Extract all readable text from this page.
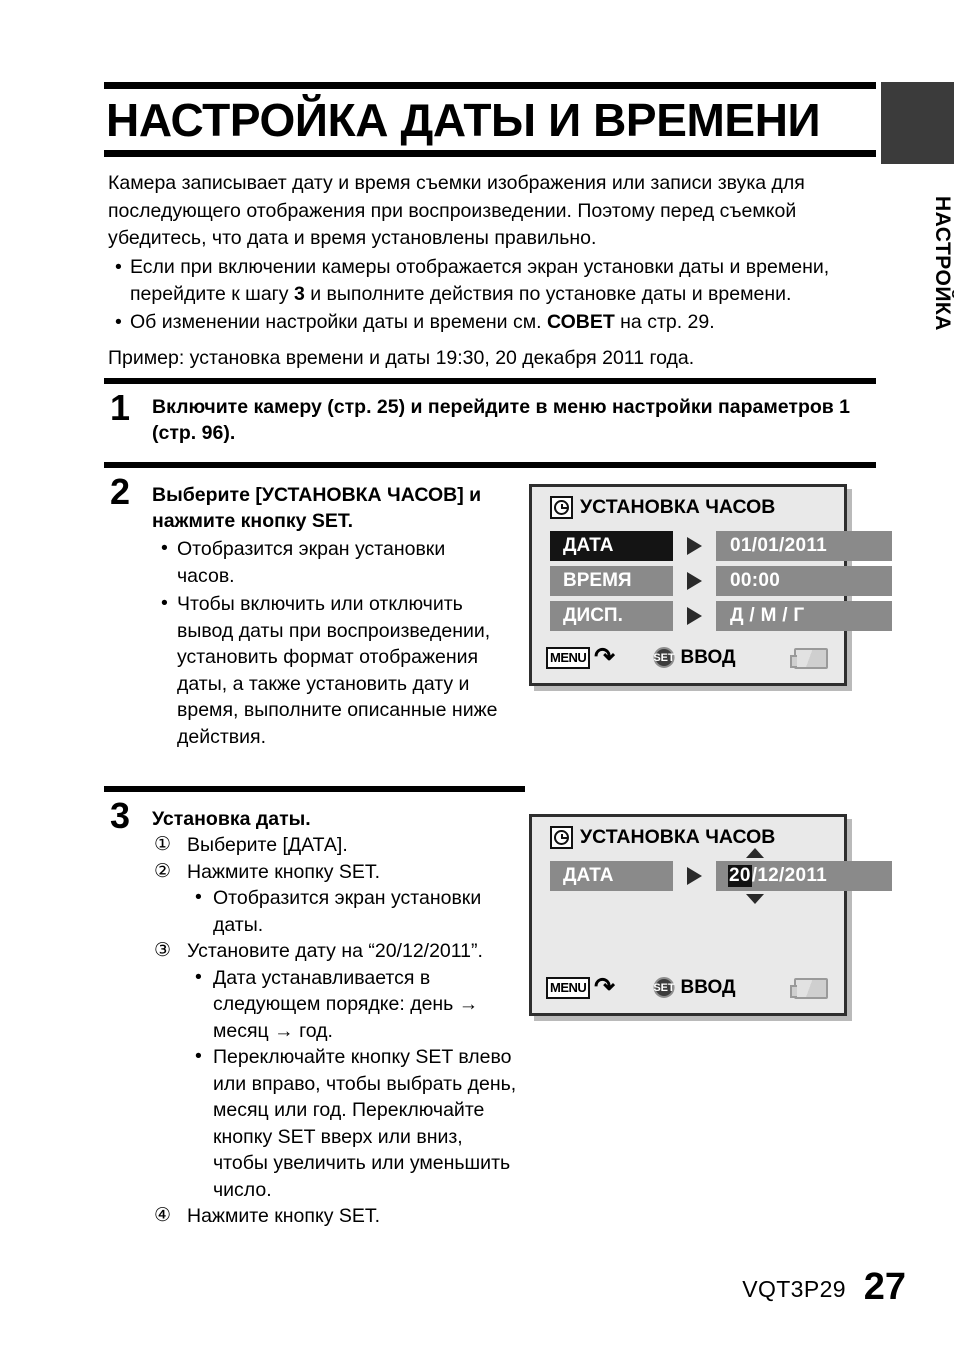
НАСТРОЙКА
НАСТРОЙКА ДАТЫ И ВРЕМЕНИ

Камера записывает дату и время съемки изображения или записи звука для последующего отображения при воспроизведении. Поэтому перед съемкой убедитесь, что дата и время установлены правильно.

• Если при включении камеры отображается экран установки даты и времени, перейдите к шагу 3 и выполните действия по установке даты и времени.
• Об изменении настройки даты и времени см. СОВЕТ на стр. 29.
Пример: установка времени и даты 19:30, 20 декабря 2011 года.
1 Включите камеру (стр. 25) и перейдите в меню настройки параметров 1 (стр. 96).
2 Выберите [УСТАНОВКА ЧАСОВ] и нажмите кнопку SET.
• Отобразится экран установки часов.
• Чтобы включить или отключить вывод даты при воспроизведении, установить формат отображения даты, а также установить дату и время, выполните описанные ниже действия.
УСТАНОВКА ЧАСОВ
ДАТА	01/01/2011
ВРЕМЯ	00:00
ДИСП.	Д / М / Г
MENU ↶	SET ВВОД
3 Установка даты.
① Выберите [ДАТА].
② Нажмите кнопку SET.
• Отобразится экран установки даты.
③ Установите дату на “20/12/2011”.
• Дата устанавливается в следующем порядке: день → месяц → год.
• Переключайте кнопку SET влево или вправо, чтобы выбрать день, месяц или год. Переключайте кнопку SET вверх или вниз, чтобы увеличить или уменьшить число.
④ Нажмите кнопку SET.
УСТАНОВКА ЧАСОВ
ДАТА	20 /12/2011
MENU ↶	SET ВВОД
VQT3P29 27
